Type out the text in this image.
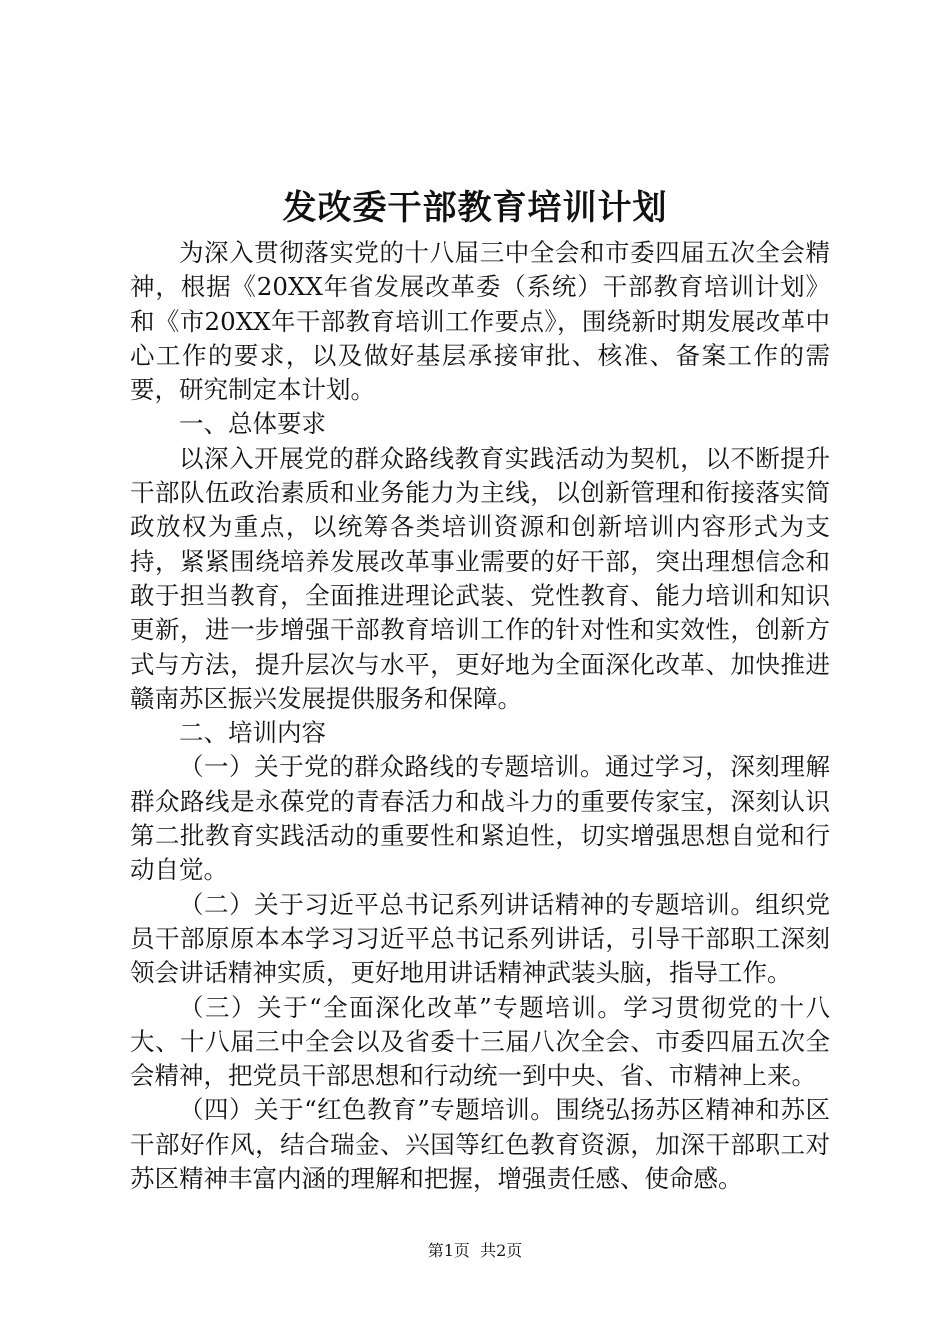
发改委干部教育培训计划

为深入贯彻落实党的十八届三中全会和市委四届五次全会精神，根据《20XX年省发展改革委（系统）干部教育培训计划》和《市20XX年干部教育培训工作要点》，围绕新时期发展改革中心工作的要求，以及做好基层承接审批、核准、备案工作的需要，研究制定本计划。

一、总体要求

以深入开展党的群众路线教育实践活动为契机，以不断提升干部队伍政治素质和业务能力为主线，以创新管理和衔接落实简政放权为重点，以统筹各类培训资源和创新培训内容形式为支持，紧紧围绕培养发展改革事业需要的好干部，突出理想信念和敢于担当教育，全面推进理论武装、党性教育、能力培训和知识更新，进一步增强干部教育培训工作的针对性和实效性，创新方式与方法，提升层次与水平，更好地为全面深化改革、加快推进赣南苏区振兴发展提供服务和保障。

二、培训内容

（一）关于党的群众路线的专题培训。通过学习，深刻理解群众路线是永葆党的青春活力和战斗力的重要传家宝，深刻认识第二批教育实践活动的重要性和紧迫性，切实增强思想自觉和行动自觉。

（二）关于习近平总书记系列讲话精神的专题培训。组织党员干部原原本本学习习近平总书记系列讲话，引导干部职工深刻领会讲话精神实质，更好地用讲话精神武装头脑，指导工作。

（三）关于“全面深化改革”专题培训。学习贯彻党的十八大、十八届三中全会以及省委十三届八次全会、市委四届五次全会精神，把党员干部思想和行动统一到中央、省、市精神上来。

（四）关于“红色教育”专题培训。围绕弘扬苏区精神和苏区干部好作风，结合瑞金、兴国等红色教育资源，加深干部职工对苏区精神丰富内涵的理解和把握，增强责任感、使命感。

第1页 共2页
